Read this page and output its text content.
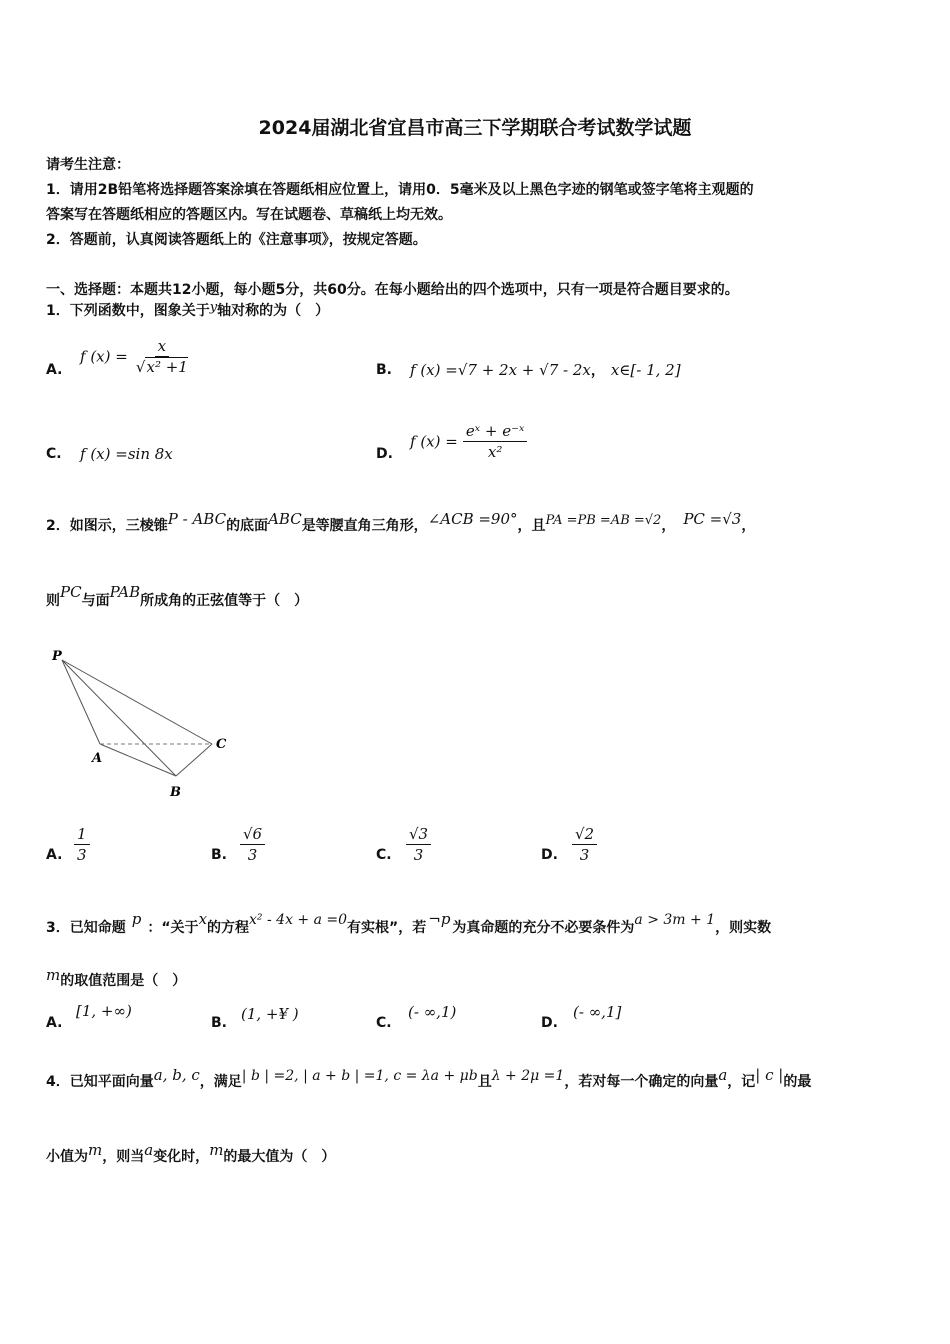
2024届湖北省宜昌市高三下学期联合考试数学试题
请考生注意：
1．请用2B铅笔将选择题答案涂填在答题纸相应位置上，请用0．5毫米及以上黑色字迹的钢笔或签字笔将主观题的
答案写在答题纸相应的答题区内。写在试题卷、草稿纸上均无效。
2．答题前，认真阅读答题纸上的《注意事项》，按规定答题。
一、选择题：本题共12小题，每小题5分，共60分。在每小题给出的四个选项中，只有一项是符合题目要求的。
1．下列函数中，图象关于$^y$轴对称的为（　）
A.
f $(x) = \frac{x}{\text{√x² +1}}$	B. f (x) =√7 + 2x + √7 - 2x， x∈[- 1, 2]
C. f (x) =sin 8x	D.
f $(x) = \frac{\text{eˣ + e⁻ˣ}}{\text{x²}}$
2．如图示，三棱锥P - ABC的底面ABC是等腰直角三角形，∠ACB =90°，且$^{PA =PB =AB =√2}$， PC =√3，
则PC与面PAB所成角的正弦值等于（　）
P
A
B
C
A. $\frac{1}{3}$	B. $\frac{√6}{3}$	C. $\frac{√3}{3}$	D. $\frac{√2}{3}$
3．已知命题 p ：“关于x的方程x² - 4x + a =0有实根”，若 ¬p 为真命题的充分不必要条件为a > 3m + 1，则实数
m的取值范围是（　）
A.
[1, +∞)
B. (1, +¥ )	C.
(- ∞,1)
D.
(- ∞,1]
4．已知平面向量a, b, c，满足| b | =2, | a + b | =1, c = λa + μb且λ + 2μ =1，若对每一个确定的向量a，记| c |的最
小值为m，则当a变化时，m的最大值为（　）
